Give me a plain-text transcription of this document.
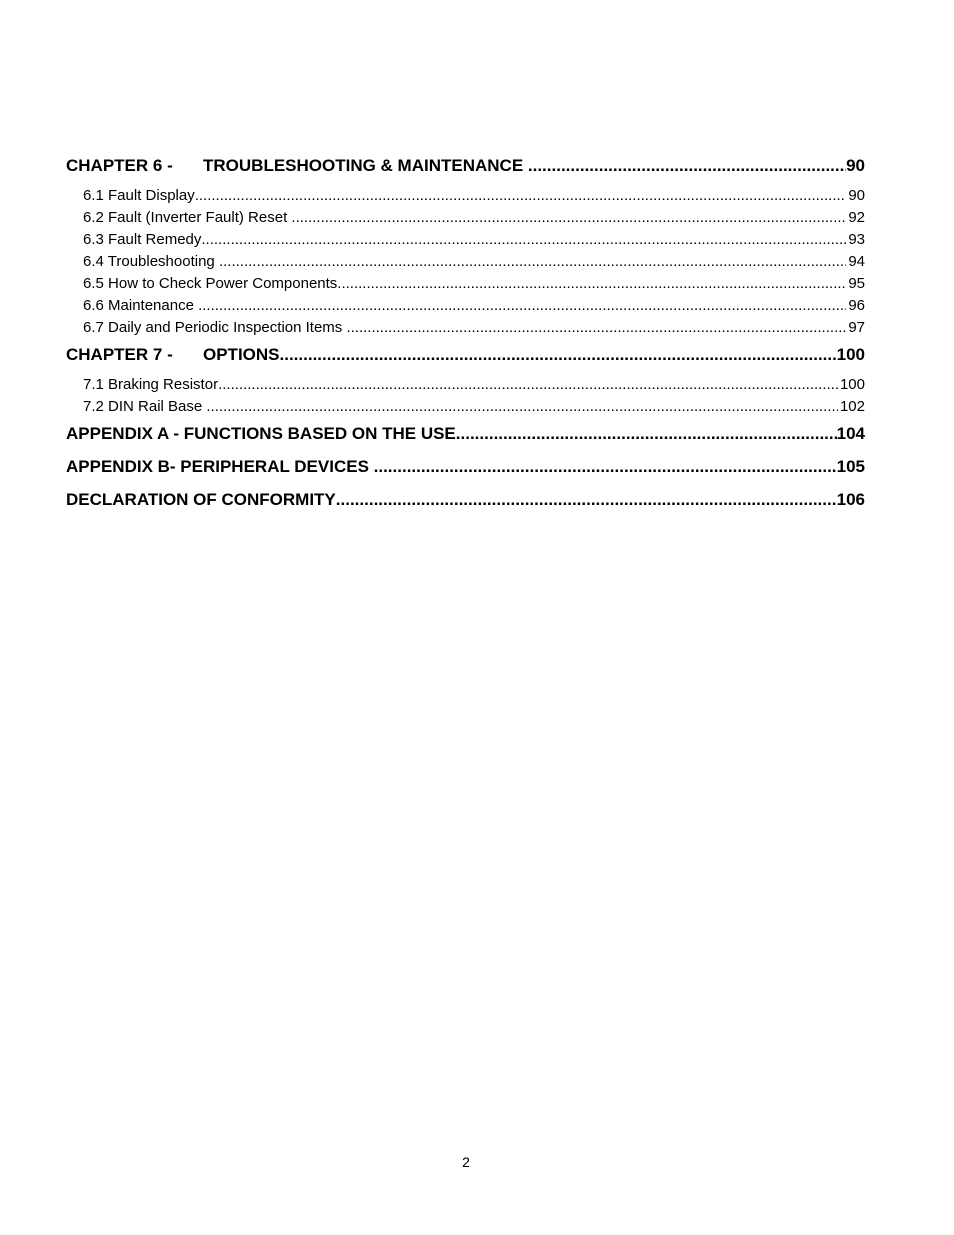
CHAPTER 6 - TROUBLESHOOTING & MAINTENANCE .....	90
6.1 Fault Display .....	90
6.2 Fault (Inverter Fault) Reset .....	92
6.3 Fault Remedy .....	93
6.4 Troubleshooting .....	94
6.5 How to Check Power Components .....	95
6.6 Maintenance .....	96
6.7 Daily and Periodic Inspection Items .....	97
CHAPTER 7 - OPTIONS .....	100
7.1 Braking Resistor .....	100
7.2 DIN Rail Base .....	102
APPENDIX A - FUNCTIONS BASED ON THE USE .....	104
APPENDIX B- PERIPHERAL DEVICES .....	105
DECLARATION OF CONFORMITY .....	106
2
